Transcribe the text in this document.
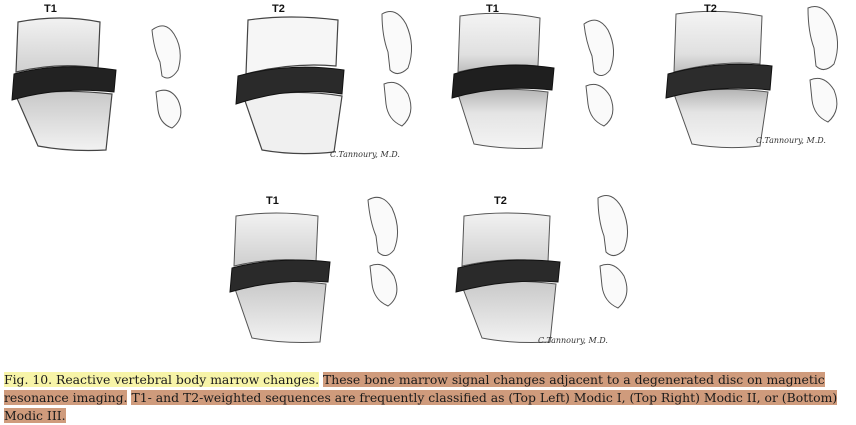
T1	T2
C.Tannoury, M.D.
T1	T2
C.Tannoury, M.D.
T1	T2
C.Tannoury, M.D.
Fig. 10. Reactive vertebral body marrow changes. These bone marrow signal changes adjacent to a degenerated disc on magnetic resonance imaging. T1- and T2-weighted sequences are frequently classified as (Top Left) Modic I, (Top Right) Modic II, or (Bottom) Modic III.
